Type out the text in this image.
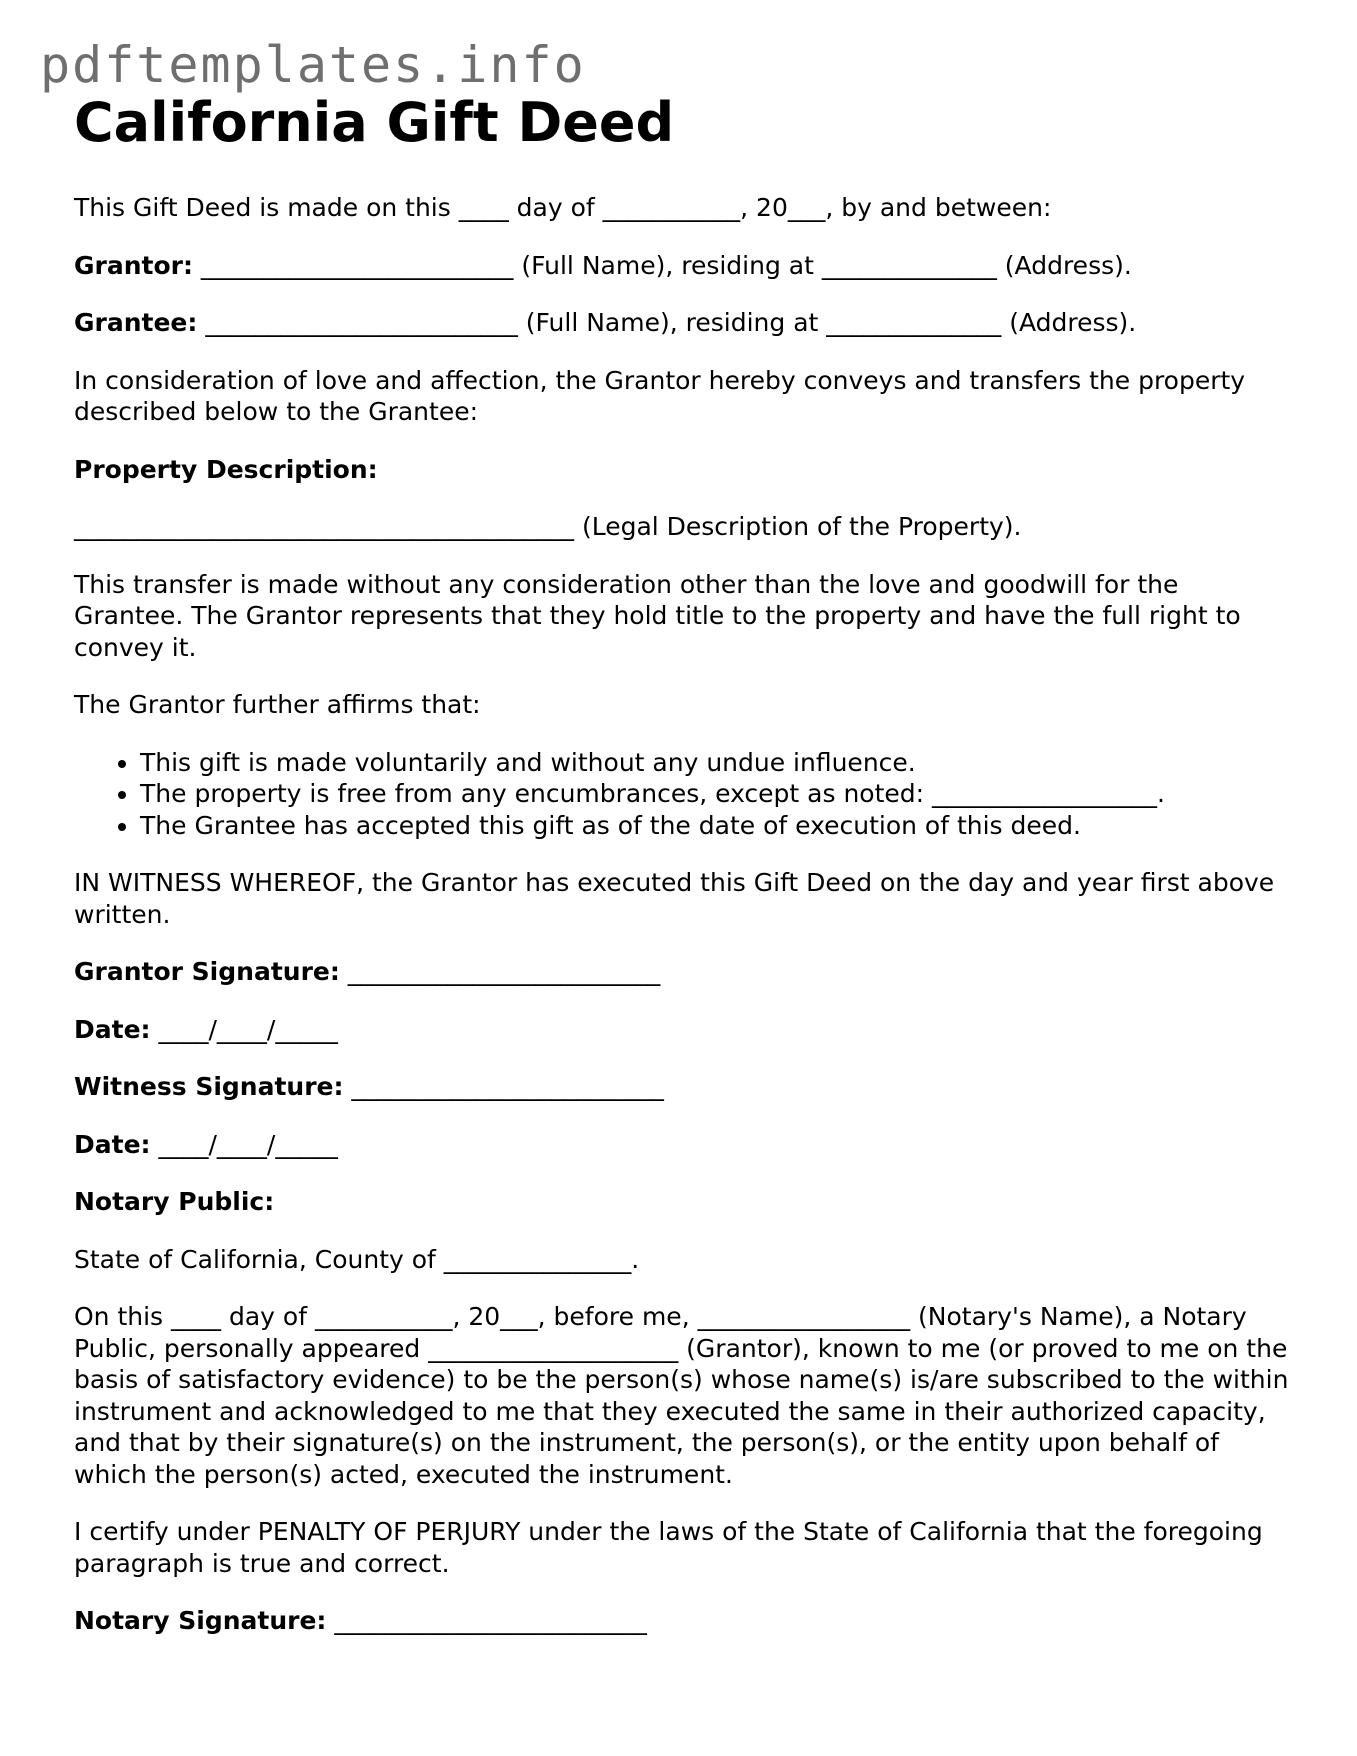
pdftemplates.info
California Gift Deed

This Gift Deed is made on this ____ day of ___________, 20___, by and between:

Grantor: _________________________ (Full Name), residing at ______________ (Address).

Grantee: _________________________ (Full Name), residing at ______________ (Address).

In consideration of love and affection, the Grantor hereby conveys and transfers the property described below to the Grantee:

Property Description:

________________________________________ (Legal Description of the Property).

This transfer is made without any consideration other than the love and goodwill for the Grantee. The Grantor represents that they hold title to the property and have the full right to convey it.

The Grantor further affirms that:

• This gift is made voluntarily and without any undue influence.
• The property is free from any encumbrances, except as noted: __________________.
• The Grantee has accepted this gift as of the date of execution of this deed.

IN WITNESS WHEREOF, the Grantor has executed this Gift Deed on the day and year first above written.

Grantor Signature: _________________________

Date: ____/____/_____

Witness Signature: _________________________

Date: ____/____/_____

Notary Public:

State of California, County of _______________.

On this ____ day of ___________, 20___, before me, _________________ (Notary's Name), a Notary Public, personally appeared ____________________ (Grantor), known to me (or proved to me on the basis of satisfactory evidence) to be the person(s) whose name(s) is/are subscribed to the within instrument and acknowledged to me that they executed the same in their authorized capacity, and that by their signature(s) on the instrument, the person(s), or the entity upon behalf of which the person(s) acted, executed the instrument.

I certify under PENALTY OF PERJURY under the laws of the State of California that the foregoing paragraph is true and correct.

Notary Signature: _________________________
